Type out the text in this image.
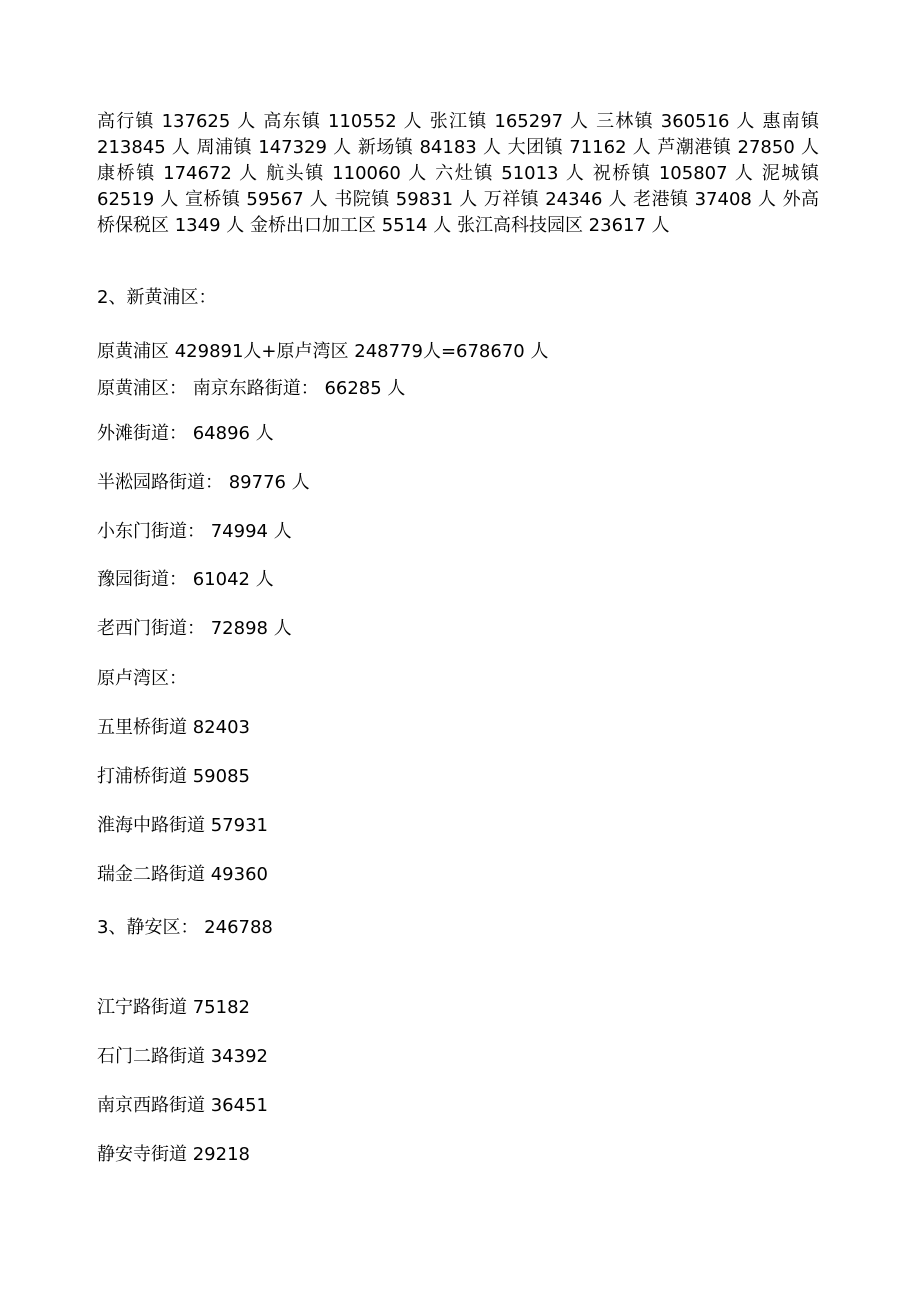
高行镇 137625 人 高东镇 110552 人 张江镇 165297 人 三林镇 360516 人 惠南镇 213845 人 周浦镇 147329 人 新场镇 84183 人 大团镇 71162 人 芦潮港镇 27850 人 康桥镇 174672 人 航头镇 110060 人 六灶镇 51013 人 祝桥镇 105807 人 泥城镇 62519 人 宣桥镇 59567 人 书院镇 59831 人 万祥镇 24346 人 老港镇 37408 人 外高桥保税区 1349 人 金桥出口加工区 5514 人 张江高科技园区 23617 人

2、新黄浦区：
原黄浦区 429891人+原卢湾区 248779人=678670 人
原黄浦区： 南京东路街道： 66285 人
外滩街道： 64896 人
半淞园路街道： 89776 人
小东门街道： 74994 人
豫园街道： 61042 人
老西门街道： 72898 人
原卢湾区：
五里桥街道 82403
打浦桥街道 59085
淮海中路街道 57931
瑞金二路街道 49360
3、静安区： 246788
江宁路街道 75182
石门二路街道 34392
南京西路街道 36451
静安寺街道 29218
